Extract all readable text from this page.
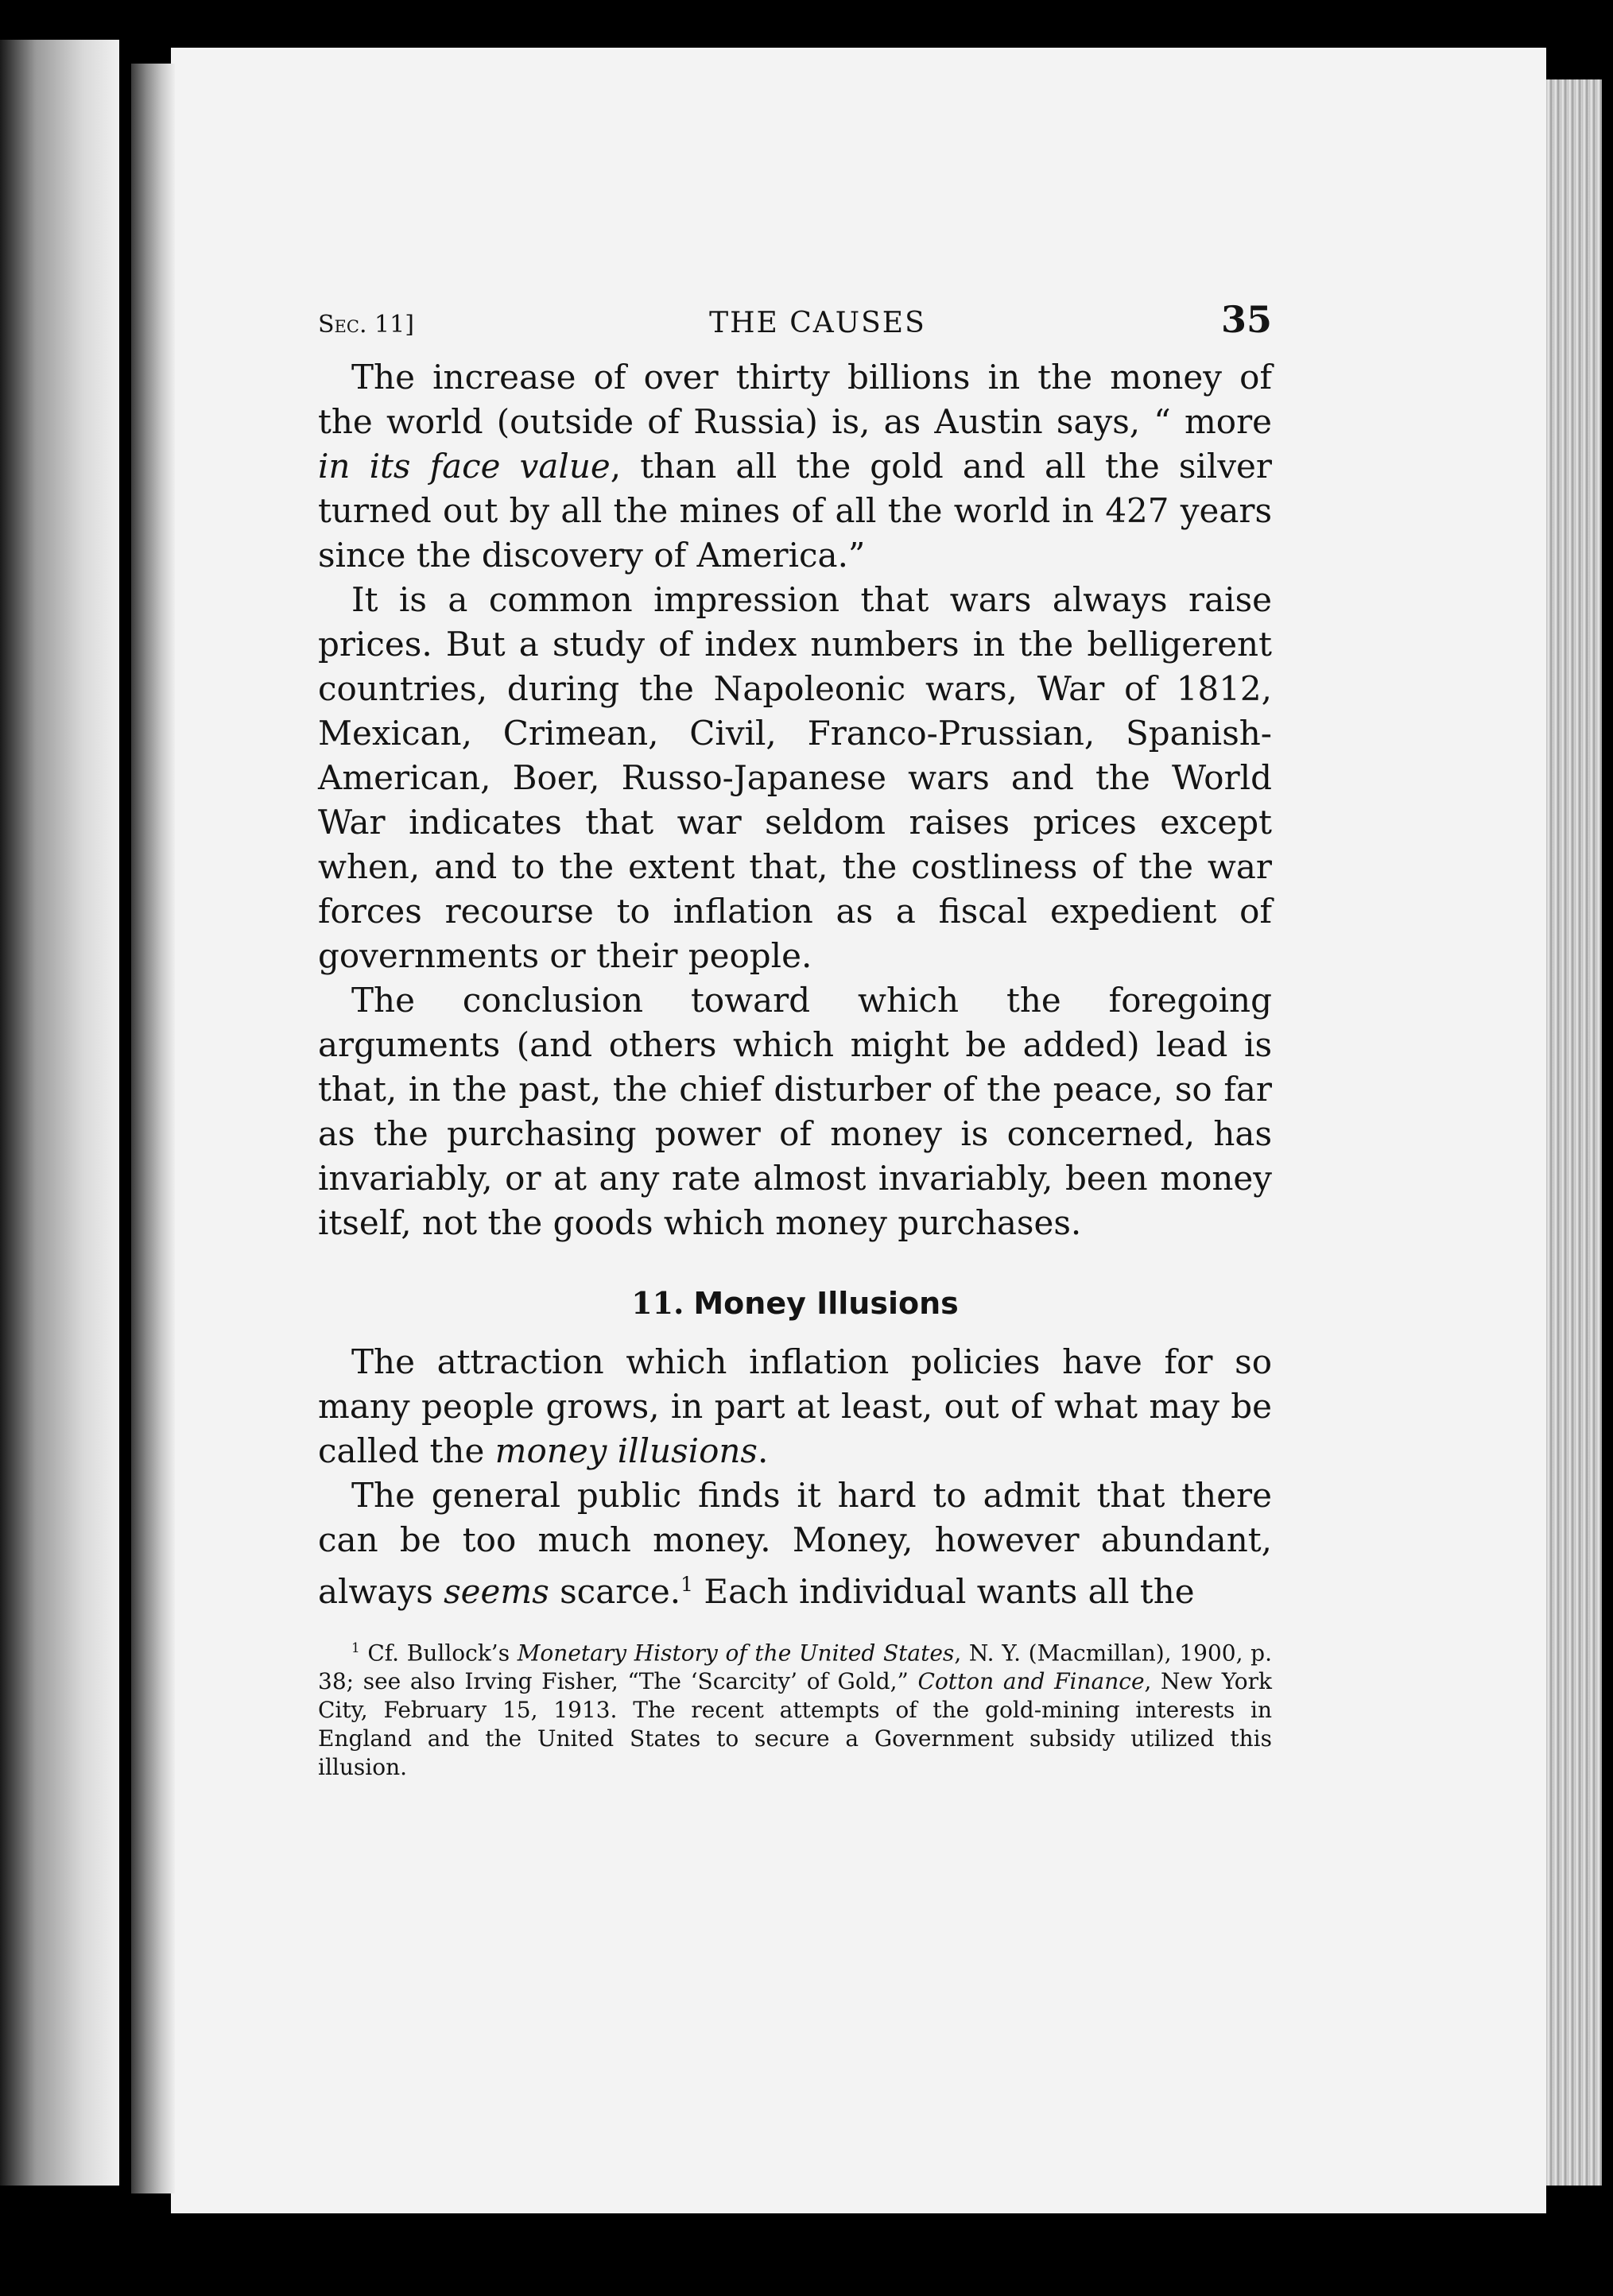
Sec. 11]	THE CAUSES	35

The increase of over thirty billions in the money of the world (outside of Russia) is, as Austin says, “ more in its face value, than all the gold and all the silver turned out by all the mines of all the world in 427 years since the discovery of America.”

It is a common impression that wars always raise prices. But a study of index numbers in the belligerent countries, during the Napoleonic wars, War of 1812, Mexican, Crimean, Civil, Franco-Prussian, Spanish-American, Boer, Russo-Japanese wars and the World War indicates that war seldom raises prices except when, and to the extent that, the costliness of the war forces recourse to inflation as a fiscal expedient of governments or their people.

The conclusion toward which the foregoing arguments (and others which might be added) lead is that, in the past, the chief disturber of the peace, so far as the purchasing power of money is concerned, has invariably, or at any rate almost invariably, been money itself, not the goods which money purchases.

11. Money Illusions

The attraction which inflation policies have for so many people grows, in part at least, out of what may be called the money illusions.

The general public finds it hard to admit that there can be too much money. Money, however abundant, always seems scarce.$^1$ Each individual wants all the

$^1$ Cf. Bullock’s Monetary History of the United States, N. Y. (Macmillan), 1900, p. 38; see also Irving Fisher, “The ‘Scarcity’ of Gold,” Cotton and Finance, New York City, February 15, 1913. The recent attempts of the gold-mining interests in England and the United States to secure a Government subsidy utilized this illusion.
